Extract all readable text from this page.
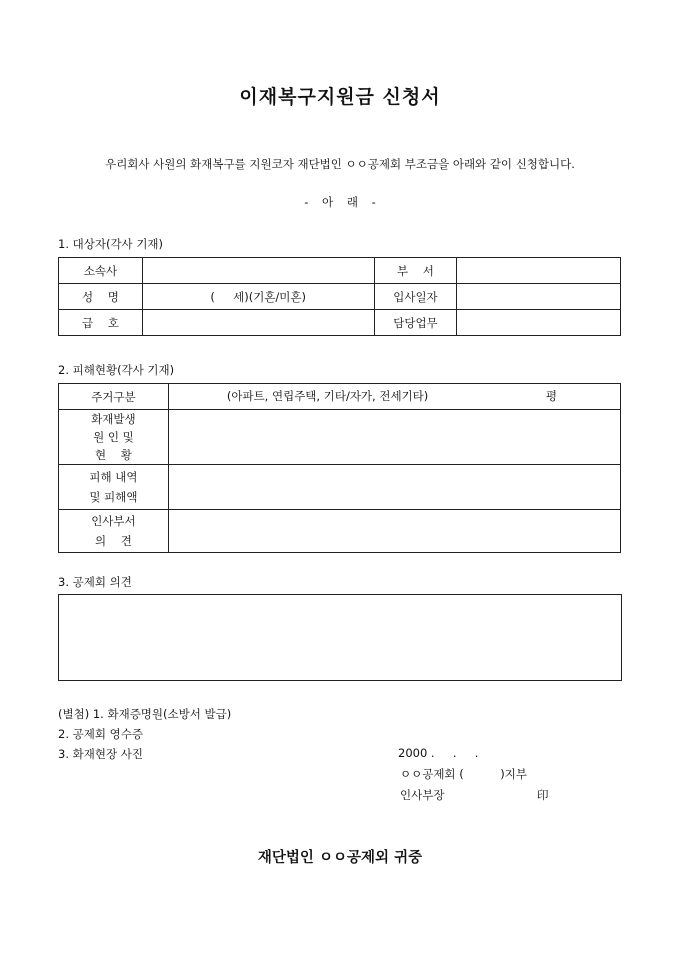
이재복구지원금 신청서
우리회사 사원의 화재복구를 지원코자 재단법인 ㅇㅇ공제회 부조금을 아래와 같이 신청합니다.
- 아 래 -
1. 대상자(각사 기재)
소속사		부    서	
성    명	(     세)(기혼/미혼)	입사일자	
급    호		담당업무	
2. 피해현황(각사 기재)
주거구분	(아파트, 연립주택, 기타/자가, 전세기타) 평

화재발생
원 인 및
현    황	

피해 내역
및 피해액	

인사부서
의    견	

3. 공제회 의견
(별첨) 1. 화재증명원(소방서 발급)
2. 공제회 영수증
3. 화재현장 사진	2000 .     .     .
ㅇㅇ공제회 (          )지부
인사부장	印
재단법인 ㅇㅇ공제외 귀중
